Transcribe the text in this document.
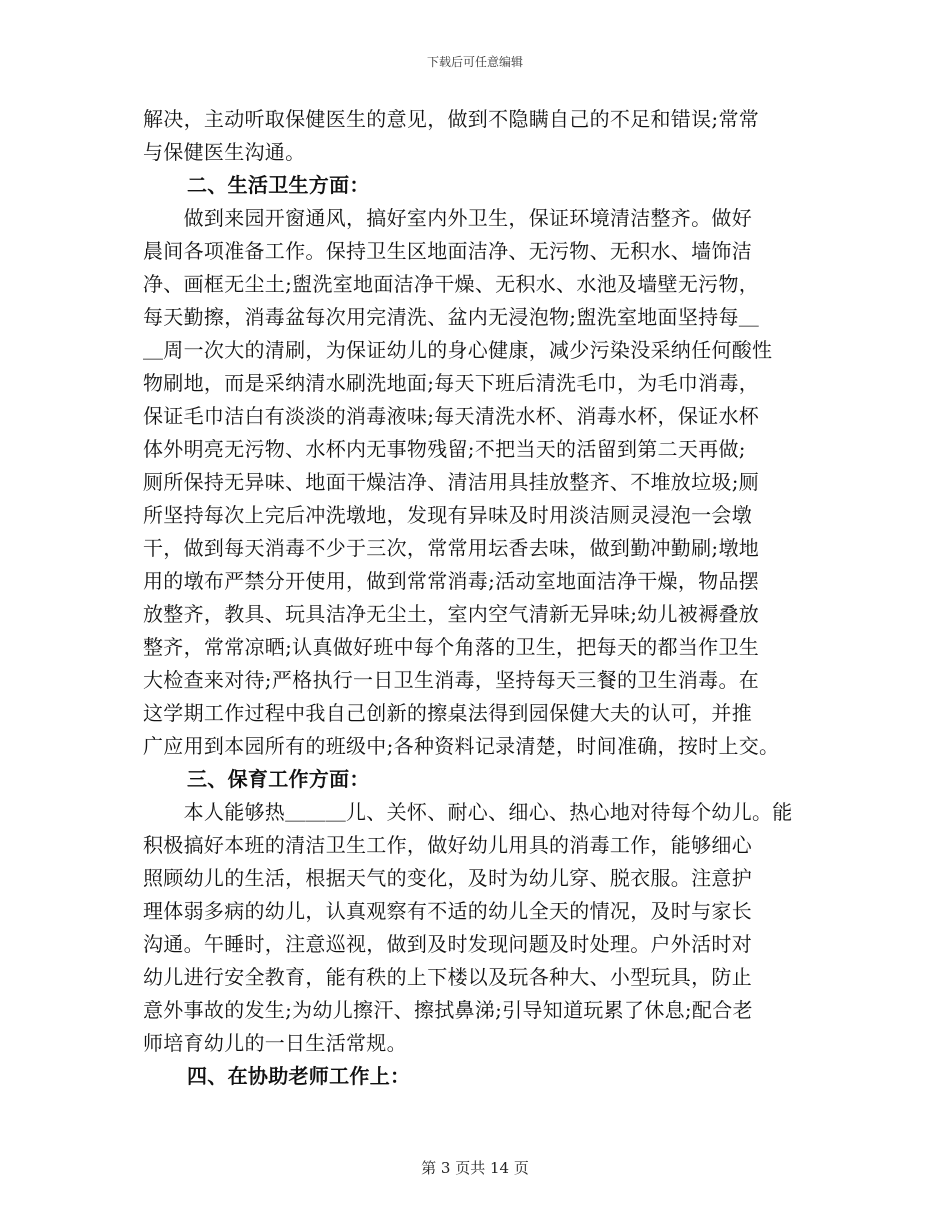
下载后可任意编辑
解决，主动听取保健医生的意见，做到不隐瞒自己的不足和错误;常常
与保健医生沟通。
二、生活卫生方面：
　　做到来园开窗通风，搞好室内外卫生，保证环境清洁整齐。做好
晨间各项准备工作。保持卫生区地面洁净、无污物、无积水、墙饰洁
净、画框无尘土;盥洗室地面洁净干燥、无积水、水池及墙壁无污物，
每天勤擦，消毒盆每次用完清洗、盆内无浸泡物;盥洗室地面坚持每＿
＿周一次大的清刷，为保证幼儿的身心健康，减少污染没采纳任何酸性
物刷地，而是采纳清水刷洗地面;每天下班后清洗毛巾，为毛巾消毒，
保证毛巾洁白有淡淡的消毒液味;每天清洗水杯、消毒水杯，保证水杯
体外明亮无污物、水杯内无事物残留;不把当天的活留到第二天再做;
厕所保持无异味、地面干燥洁净、清洁用具挂放整齐、不堆放垃圾;厕
所坚持每次上完后冲洗墩地，发现有异味及时用淡洁厕灵浸泡一会墩
干，做到每天消毒不少于三次，常常用坛香去味，做到勤冲勤刷;墩地
用的墩布严禁分开使用，做到常常消毒;活动室地面洁净干燥，物品摆
放整齐，教具、玩具洁净无尘土，室内空气清新无异味;幼儿被褥叠放
整齐，常常凉晒;认真做好班中每个角落的卫生，把每天的都当作卫生
大检查来对待;严格执行一日卫生消毒，坚持每天三餐的卫生消毒。在
这学期工作过程中我自己创新的擦桌法得到园保健大夫的认可，并推
广应用到本园所有的班级中;各种资料记录清楚，时间准确，按时上交。
三、保育工作方面：
　　本人能够热＿＿＿儿、关怀、耐心、细心、热心地对待每个幼儿。能
积极搞好本班的清洁卫生工作，做好幼儿用具的消毒工作，能够细心
照顾幼儿的生活，根据天气的变化，及时为幼儿穿、脱衣服。注意护
理体弱多病的幼儿，认真观察有不适的幼儿全天的情况，及时与家长
沟通。午睡时，注意巡视，做到及时发现问题及时处理。户外活时对
幼儿进行安全教育，能有秩的上下楼以及玩各种大、小型玩具，防止
意外事故的发生;为幼儿擦汗、擦拭鼻涕;引导知道玩累了休息;配合老
师培育幼儿的一日生活常规。
四、在协助老师工作上：
第 3 页共 14 页
